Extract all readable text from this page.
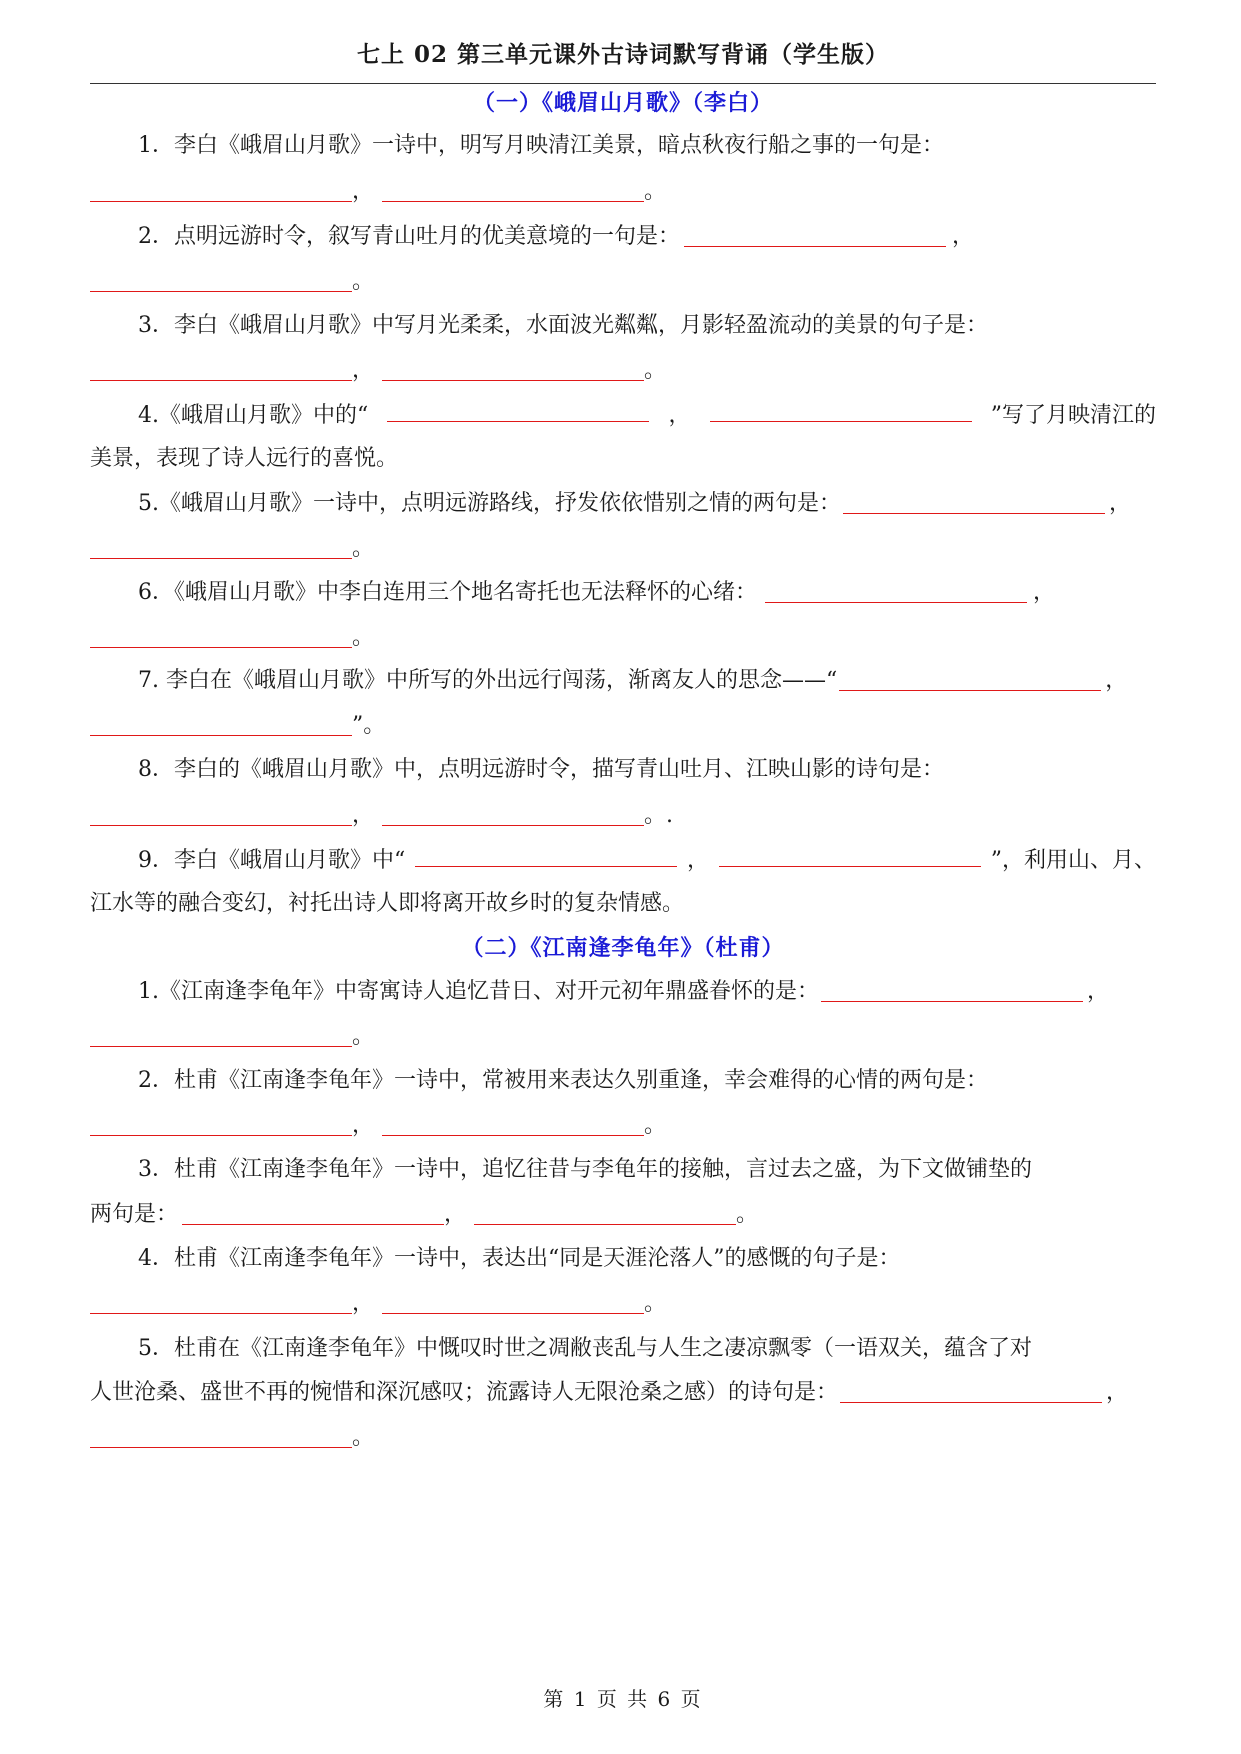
七上 02 第三单元课外古诗词默写背诵（学生版）
（一）《峨眉山月歌》（李白）
1．李白《峨眉山月歌》一诗中，明写月映清江美景，暗点秋夜行船之事的一句是：
，	。
2．点明远游时令，叙写青山吐月的优美意境的一句是：	，
。
3．李白《峨眉山月歌》中写月光柔柔，水面波光粼粼，月影轻盈流动的美景的句子是：
，	。
4.《峨眉山月歌》中的“	，	”写了月映清江的
美景，表现了诗人远行的喜悦。
5.《峨眉山月歌》一诗中，点明远游路线，抒发依依惜别之情的两句是：	，
。
6．《峨眉山月歌》中李白连用三个地名寄托也无法释怀的心绪：	，
。
7. 李白在《峨眉山月歌》中所写的外出远行闯荡，渐离友人的思念——“	，
”。
8．李白的《峨眉山月歌》中，点明远游时令，描写青山吐月、江映山影的诗句是：
，	。.
9．李白《峨眉山月歌》中“	，	”，利用山、月、
江水等的融合变幻，衬托出诗人即将离开故乡时的复杂情感。
（二）《江南逢李龟年》（杜甫）
1.《江南逢李龟年》中寄寓诗人追忆昔日、对开元初年鼎盛眷怀的是：	，
。
2．杜甫《江南逢李龟年》一诗中，常被用来表达久别重逢，幸会难得的心情的两句是：
，	。
3．杜甫《江南逢李龟年》一诗中，追忆往昔与李龟年的接触，言过去之盛，为下文做铺垫的
两句是：	，	。
4．杜甫《江南逢李龟年》一诗中，表达出“同是天涯沦落人”的感慨的句子是：
，	。
5．杜甫在《江南逢李龟年》中慨叹时世之凋敝丧乱与人生之凄凉飘零（一语双关，蕴含了对
人世沧桑、盛世不再的惋惜和深沉感叹；流露诗人无限沧桑之感）的诗句是：	，
。
第 1 页 共 6 页
